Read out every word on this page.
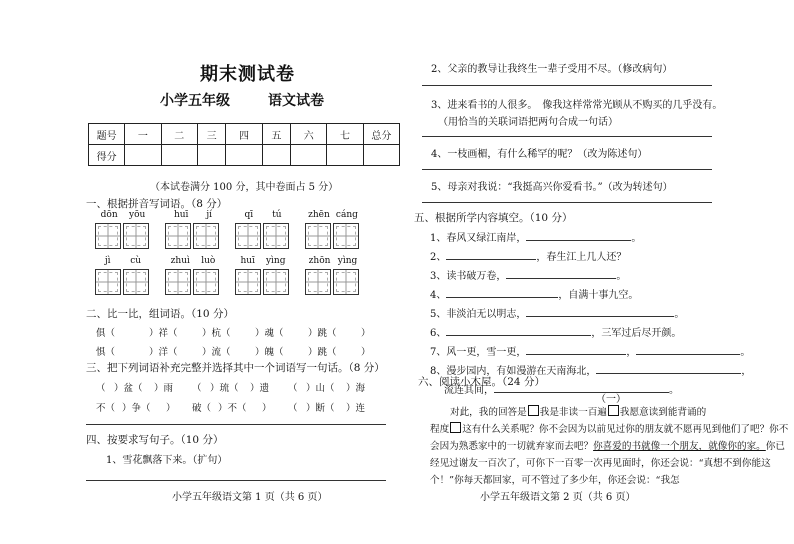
期末测试卷
小学五年级	语文试卷
题号	一	二	三	四	五	六	七	总分
得分								
（本试卷满分 100 分，其中卷面占 5 分）
一、根据拼音写词语。（8 分）
dōn yōu	huī jí	qī tú	zhēn cáng
jì cù	zhuì luò	huī yìng	zhōn yìng
二、比一比，组词语。（10 分）
俱（	）祥（	）杭（	）魂（	）跳（	）
惧（	）洋（	）流（	）魄（	）跳（	）
三、把下列词语补充完整并选择其中一个词语写一句话。（8 分）
（ ）盆（	）雨	（ ）琉（	）遗	（ ）山（	）海
不（ ）争（	）	破（ ）不（	）	（ ）断（	）连
四、按要求写句子。（10 分）
1、雪花飘落下来。（扩句）
小学五年级语文第 1 页（共 6 页）
2、父亲的教导让我终生一辈子受用不尽。（修改病句）
3、进来看书的人很多。　像我这样常常光顾从不购买的几乎没有。
（用恰当的关联词语把两句合成一句话）
4、一枝画楣，有什么稀罕的呢？（改为陈述句）
5、母亲对我说：“我挺高兴你爱看书。”（改为转述句）
五、根据所学内容填空。（10 分）
1、春风又绿江南岸，	。
2、	，春生江上几人还？
3、读书破万卷，	。
4、	，自满十事九空。
5、非淡泊无以明志，	。
6、	，三军过后尽开颜。
7、风一更，雪一更，	，	。
8、漫步园内，有如漫游在天南海北，	，
流连其间，	。
六、阅读小木屋。（24 分）
（一）
对此，我的回答是 我是非读一百遍 我愿意读到能背诵的
程度 这有什么关系呢？你不会因为以前见过你的朋友就不愿再见到他们了吧？你不会因为熟悉家中的一切就弃家而去吧？你喜爱的书就像一个朋友，就像你的家。你已经见过谢友一百次了，可你下一百零一次再见面时，你还会说：“真想不到你能这个！”你每天都回家，可不管过了多少年，你还会说：“我怎
小学五年级语文第 2 页（共 6 页）
